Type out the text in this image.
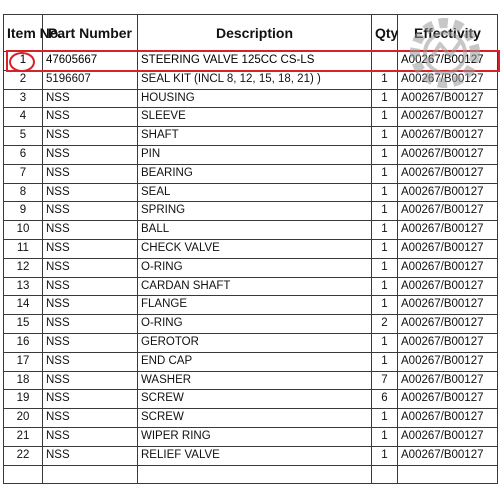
Item No.	Part Number	Description	Qty	Effectivity
1	47605667	STEERING VALVE 125CC CS-LS		A00267/B00127
2	5196607	SEAL KIT (INCL 8, 12, 15, 18, 21) )	1	A00267/B00127
3	NSS	HOUSING	1	A00267/B00127
4	NSS	SLEEVE	1	A00267/B00127
5	NSS	SHAFT	1	A00267/B00127
6	NSS	PIN	1	A00267/B00127
7	NSS	BEARING	1	A00267/B00127
8	NSS	SEAL	1	A00267/B00127
9	NSS	SPRING	1	A00267/B00127
10	NSS	BALL	1	A00267/B00127
11	NSS	CHECK VALVE	1	A00267/B00127
12	NSS	O-RING	1	A00267/B00127
13	NSS	CARDAN SHAFT	1	A00267/B00127
14	NSS	FLANGE	1	A00267/B00127
15	NSS	O-RING	2	A00267/B00127
16	NSS	GEROTOR	1	A00267/B00127
17	NSS	END CAP	1	A00267/B00127
18	NSS	WASHER	7	A00267/B00127
19	NSS	SCREW	6	A00267/B00127
20	NSS	SCREW	1	A00267/B00127
21	NSS	WIPER RING	1	A00267/B00127
22	NSS	RELIEF VALVE	1	A00267/B00127
